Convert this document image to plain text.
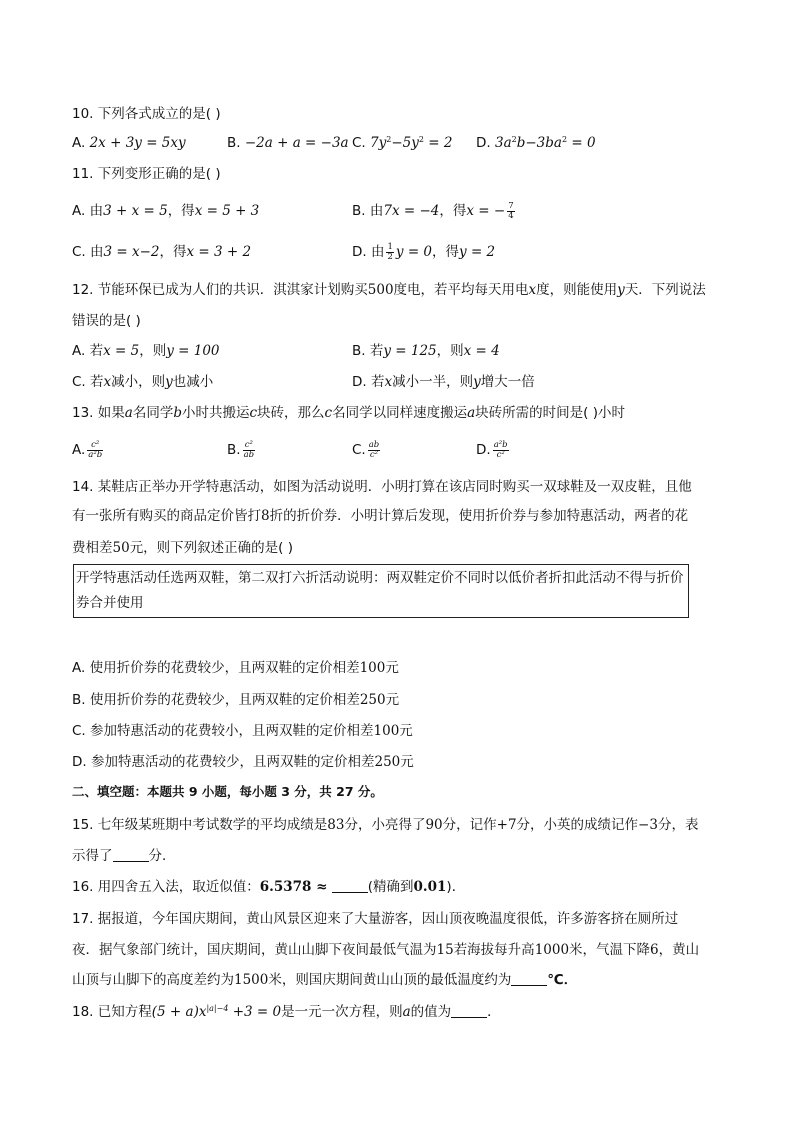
10. 下列各式成立的是( )
A. 2x + 3y = 5xy	B. −2a + a = −3a C. $7y^2-5y^2 = 2$ D. $3a^2b-3ba^2 = 0$
11. 下列变形正确的是( )
A. 由3 + x = 5，得x = 5 + 3	B. 由7x = −4，得x = − $\frac{7}{4}$
C. 由3 = x−2，得x = 3 + 2	D. 由 $\frac{1}{2}$ y = 0，得y = 2
12. 节能环保已成为人们的共识．淇淇家计划购买500度电，若平均每天用电x度，则能使用y天．下列说法
错误的是( )
A. 若x = 5，则y = 100	B. 若y = 125，则x = 4
C. 若x减小，则y也减小	D. 若x减小一半，则y增大一倍
13. 如果a名同学b小时共搬运c块砖，那么c名同学以同样速度搬运a块砖所需的时间是( )小时
A. $\frac{\text{c²}}{\text{a²b}}$	B. $\frac{\text{c²}}{ab}$	C. $\frac{ab}{\text{c²}}$	D. $\frac{\text{a²b}}{\text{c²}}$
14. 某鞋店正举办开学特惠活动，如图为活动说明．小明打算在该店同时购买一双球鞋及一双皮鞋，且他
有一张所有购买的商品定价皆打8折的折价券．小明计算后发现，使用折价券与参加特惠活动，两者的花
费相差50元，则下列叙述正确的是( )
开学特惠活动任选两双鞋，第二双打六折活动说明：两双鞋定价不同时以低价者折扣此活动不得与折价券合并使用
A. 使用折价券的花费较少，且两双鞋的定价相差100元
B. 使用折价券的花费较少，且两双鞋的定价相差250元
C. 参加特惠活动的花费较小，且两双鞋的定价相差100元
D. 参加特惠活动的花费较少，且两双鞋的定价相差250元
二、填空题：本题共 9 小题，每小题 3 分，共 27 分。
15. 七年级某班期中考试数学的平均成绩是83分，小亮得了90分，记作+7分，小英的成绩记作−3分，表
示得了	分．
16. 用四舍五入法，取近似值：6.5378 ≈	(精确到0.01)．
17. 据报道，今年国庆期间，黄山风景区迎来了大量游客，因山顶夜晚温度很低，许多游客挤在厕所过
夜．据气象部门统计，国庆期间，黄山山脚下夜间最低气温为15若海拔每升高1000米，气温下降6，黄山
山顶与山脚下的高度差约为1500米，则国庆期间黄山山顶的最低温度约为	℃．
18. 已知方程$(5 + a)x^{|a|-4} +3 = 0$是一元一次方程，则a的值为	．
